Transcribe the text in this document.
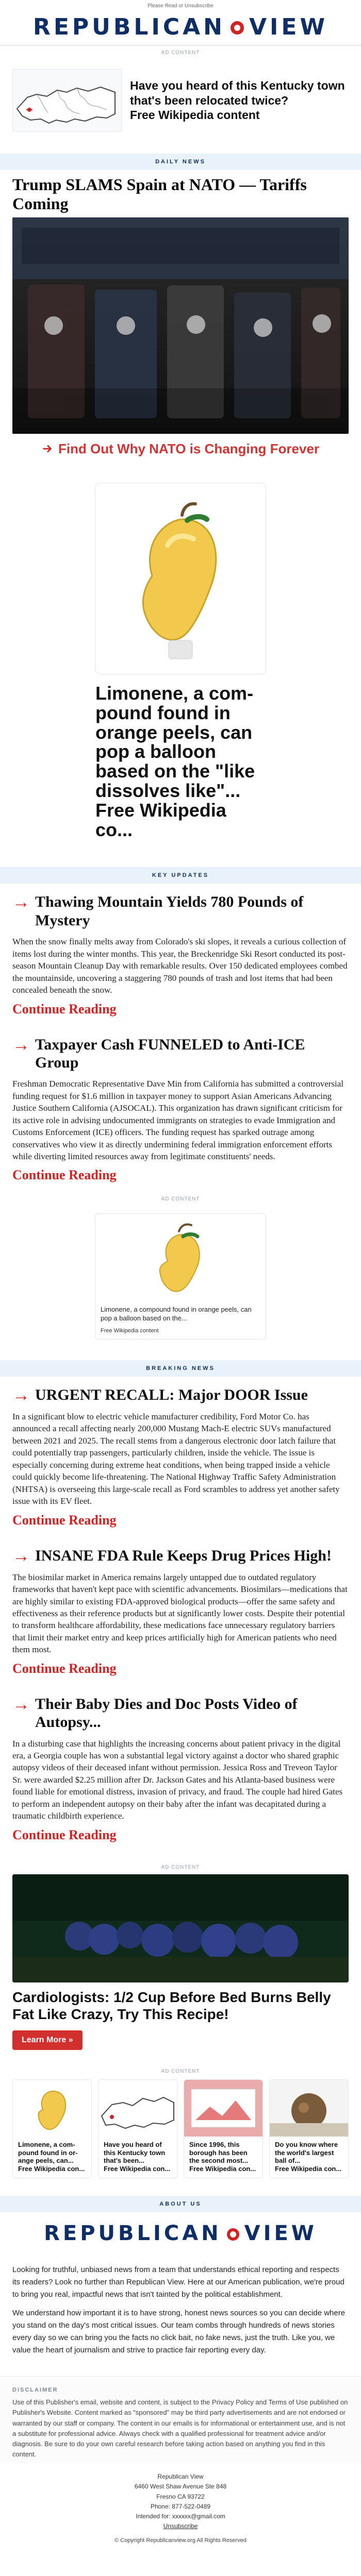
Please Read or Unsubscribe
REPUBLICAN VIEW
AD CONTENT
Have you heard of this Kentucky town that's been relocated twice?
Free Wikipedia content
DAILY NEWS
Trump SLAMS Spain at NATO — Tariffs Coming
Find Out Why NATO is Changing Forever
Limonene, a com-pound found in orange peels, can pop a balloon based on the "like dissolves like"...
Free Wikipedia co...
KEY UPDATES
→ Thawing Mountain Yields 780 Pounds of Mystery

When the snow finally melts away from Colorado's ski slopes, it reveals a curious collection of items lost during the winter months. This year, the Breckenridge Ski Resort conducted its post-season Mountain Cleanup Day with remarkable results. Over 150 dedicated employees combed the mountainside, uncovering a staggering 780 pounds of trash and lost items that had been concealed beneath the snow.

Continue Reading
→ Taxpayer Cash FUNNELED to Anti-ICE Group

Freshman Democratic Representative Dave Min from California has submitted a controversial funding request for $1.6 million in taxpayer money to support Asian Americans Advancing Justice Southern California (AJSOCAL). This organization has drawn significant criticism for its active role in advising undocumented immigrants on strategies to evade Immigration and Customs Enforcement (ICE) officers. The funding request has sparked outrage among conservatives who view it as directly undermining federal immigration enforcement efforts while diverting limited resources away from legitimate constituents' needs.

Continue Reading
AD CONTENT
Limonene, a compound found in orange peels, can pop a balloon based on the...
Free Wikipedia content
BREAKING NEWS
→ URGENT RECALL: Major DOOR Issue

In a significant blow to electric vehicle manufacturer credibility, Ford Motor Co. has announced a recall affecting nearly 200,000 Mustang Mach-E electric SUVs manufactured between 2021 and 2025. The recall stems from a dangerous electronic door latch failure that could potentially trap passengers, particularly children, inside the vehicle. The issue is especially concerning during extreme heat conditions, when being trapped inside a vehicle could quickly become life-threatening. The National Highway Traffic Safety Administration (NHTSA) is overseeing this large-scale recall as Ford scrambles to address yet another safety issue with its EV fleet.

Continue Reading
→ INSANE FDA Rule Keeps Drug Prices High!

The biosimilar market in America remains largely untapped due to outdated regulatory frameworks that haven't kept pace with scientific advancements. Biosimilars—medications that are highly similar to existing FDA-approved biological products—offer the same safety and effectiveness as their reference products but at significantly lower costs. Despite their potential to transform healthcare affordability, these medications face unnecessary regulatory barriers that limit their market entry and keep prices artificially high for American patients who need them most.

Continue Reading
→ Their Baby Dies and Doc Posts Video of Autopsy...

In a disturbing case that highlights the increasing concerns about patient privacy in the digital era, a Georgia couple has won a substantial legal victory against a doctor who shared graphic autopsy videos of their deceased infant without permission. Jessica Ross and Treveon Taylor Sr. were awarded $2.25 million after Dr. Jackson Gates and his Atlanta-based business were found liable for emotional distress, invasion of privacy, and fraud. The couple had hired Gates to perform an independent autopsy on their baby after the infant was decapitated during a traumatic childbirth experience.

Continue Reading
AD CONTENT
Cardiologists: 1/2 Cup Before Bed Burns Belly Fat Like Crazy, Try This Recipe!
Learn More »
AD CONTENT
Limonene, a com-pound found in or-ange peels, can...
Free Wikipedia con...
Have you heard of this Kentucky town that's been...
Free Wikipedia con...
Since 1996, this borough has been the second most...
Free Wikipedia con...
Do you know where the world's largest ball of...
Free Wikipedia con...
ABOUT US
REPUBLICAN VIEW

Looking for truthful, unbiased news from a team that understands ethical reporting and respects its readers? Look no further than Republican View. Here at our American publication, we're proud to bring you real, impactful news that isn't tainted by the political establishment.

We understand how important it is to have strong, honest news sources so you can decide where you stand on the day's most critical issues. Our team combs through hundreds of news stories every day so we can bring you the facts no click bait, no fake news, just the truth. Like you, we value the heart of journalism and strive to practice fair reporting every day.

DISCLAIMER
Use of this Publisher's email, website and content, is subject to the Privacy Policy and Terms of Use published on Publisher's Website. Content marked as "sponsored" may be third party advertisements and are not endorsed or warranted by our staff or company. The content in our emails is for informational or entertainment use, and is not a substitute for professional advice. Always check with a qualified professional for treatment advice and/or diagnosis. Be sure to do your own careful research before taking action based on anything you find in this content.
Republican View
6460 West Shaw Avenue Ste 848
Fresno CA 93722
Phone: 877-522-0489
Intended for: xxxxxx@gmail.com
Unsubscribe
© Copyright Republicanview.org All Rights Reserved
